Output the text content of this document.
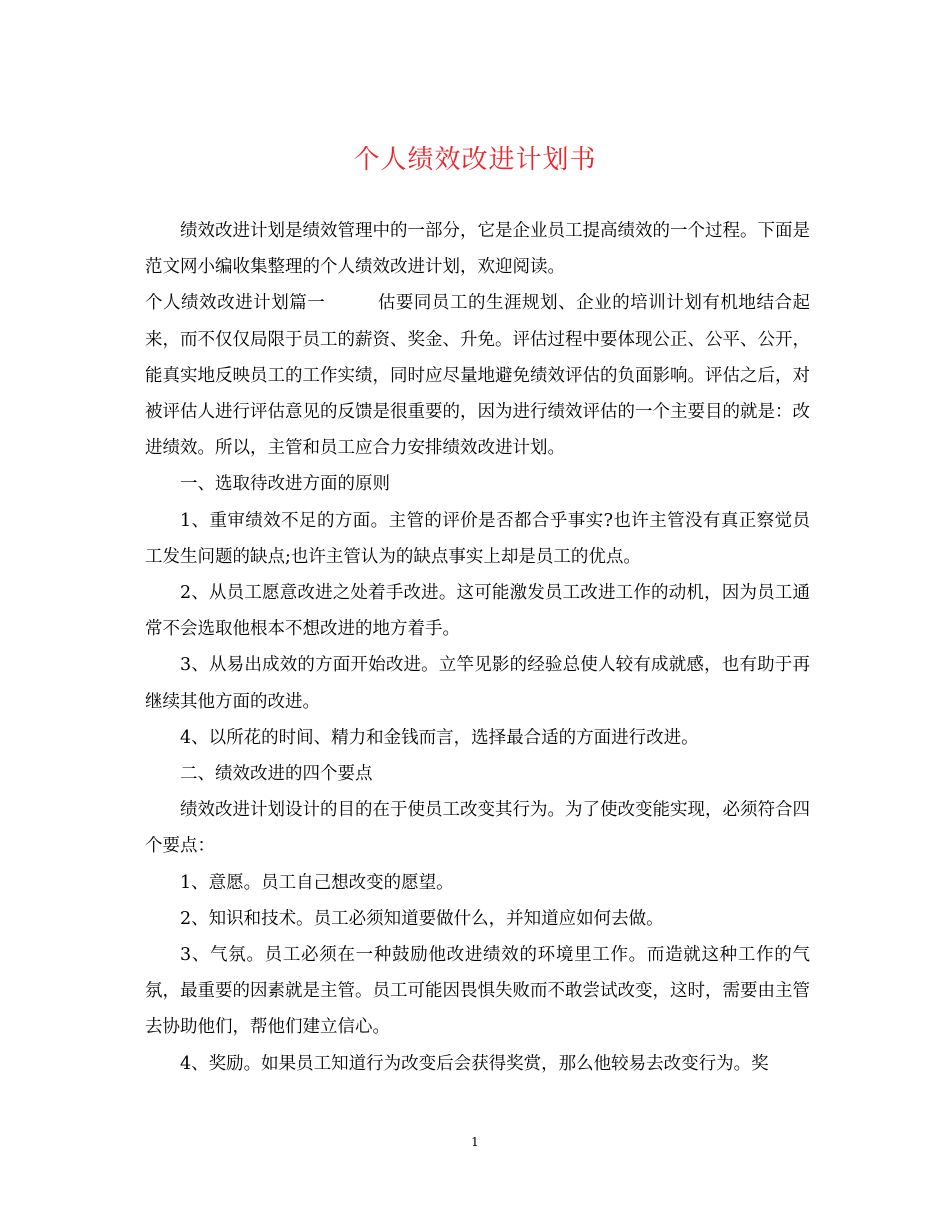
个人绩效改进计划书

绩效改进计划是绩效管理中的一部分，它是企业员工提高绩效的一个过程。下面是范文网小编收集整理的个人绩效改进计划，欢迎阅读。

个人绩效改进计划篇一	估要同员工的生涯规划、企业的培训计划有机地结合起来，而不仅仅局限于员工的薪资、奖金、升免。评估过程中要体现公正、公平、公开，能真实地反映员工的工作实绩，同时应尽量地避免绩效评估的负面影响。评估之后，对被评估人进行评估意见的反馈是很重要的，因为进行绩效评估的一个主要目的就是：改进绩效。所以，主管和员工应合力安排绩效改进计划。

一、选取待改进方面的原则

1、重审绩效不足的方面。主管的评价是否都合乎事实?也许主管没有真正察觉员工发生问题的缺点;也许主管认为的缺点事实上却是员工的优点。

2、从员工愿意改进之处着手改进。这可能激发员工改进工作的动机，因为员工通常不会选取他根本不想改进的地方着手。

3、从易出成效的方面开始改进。立竿见影的经验总使人较有成就感，也有助于再继续其他方面的改进。

4、以所花的时间、精力和金钱而言，选择最合适的方面进行改进。

二、绩效改进的四个要点

绩效改进计划设计的目的在于使员工改变其行为。为了使改变能实现，必须符合四个要点：

1、意愿。员工自己想改变的愿望。

2、知识和技术。员工必须知道要做什么，并知道应如何去做。

3、气氛。员工必须在一种鼓励他改进绩效的环境里工作。而造就这种工作的气氛，最重要的因素就是主管。员工可能因畏惧失败而不敢尝试改变，这时，需要由主管去协助他们，帮他们建立信心。

4、奖励。如果员工知道行为改变后会获得奖赏，那么他较易去改变行为。奖

1
